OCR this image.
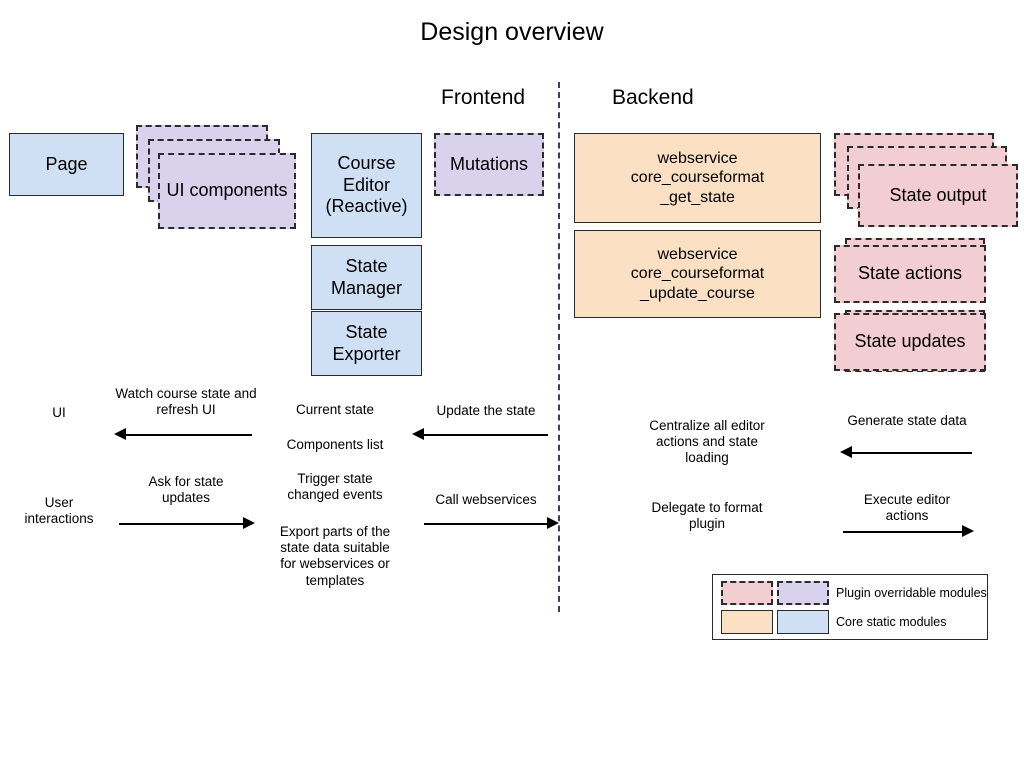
Design overview
Frontend	Backend
Page
UI components
Course Editor (Reactive)
State Manager
State Exporter
Mutations	webservice
core_courseformat
_get_state
webservice
core_courseformat
_update_course
State output
State actions
State updates
UI
Watch course state and refresh UI
User interactions
Ask for state updates
Current state
Components list
Trigger state changed events
Export parts of the state data suitable for webservices or templates
Update the state
Call webservices
Centralize all editor actions and state loading
Delegate to format plugin
Generate state data
Execute editor actions
Plugin overridable modules
Core static modules
